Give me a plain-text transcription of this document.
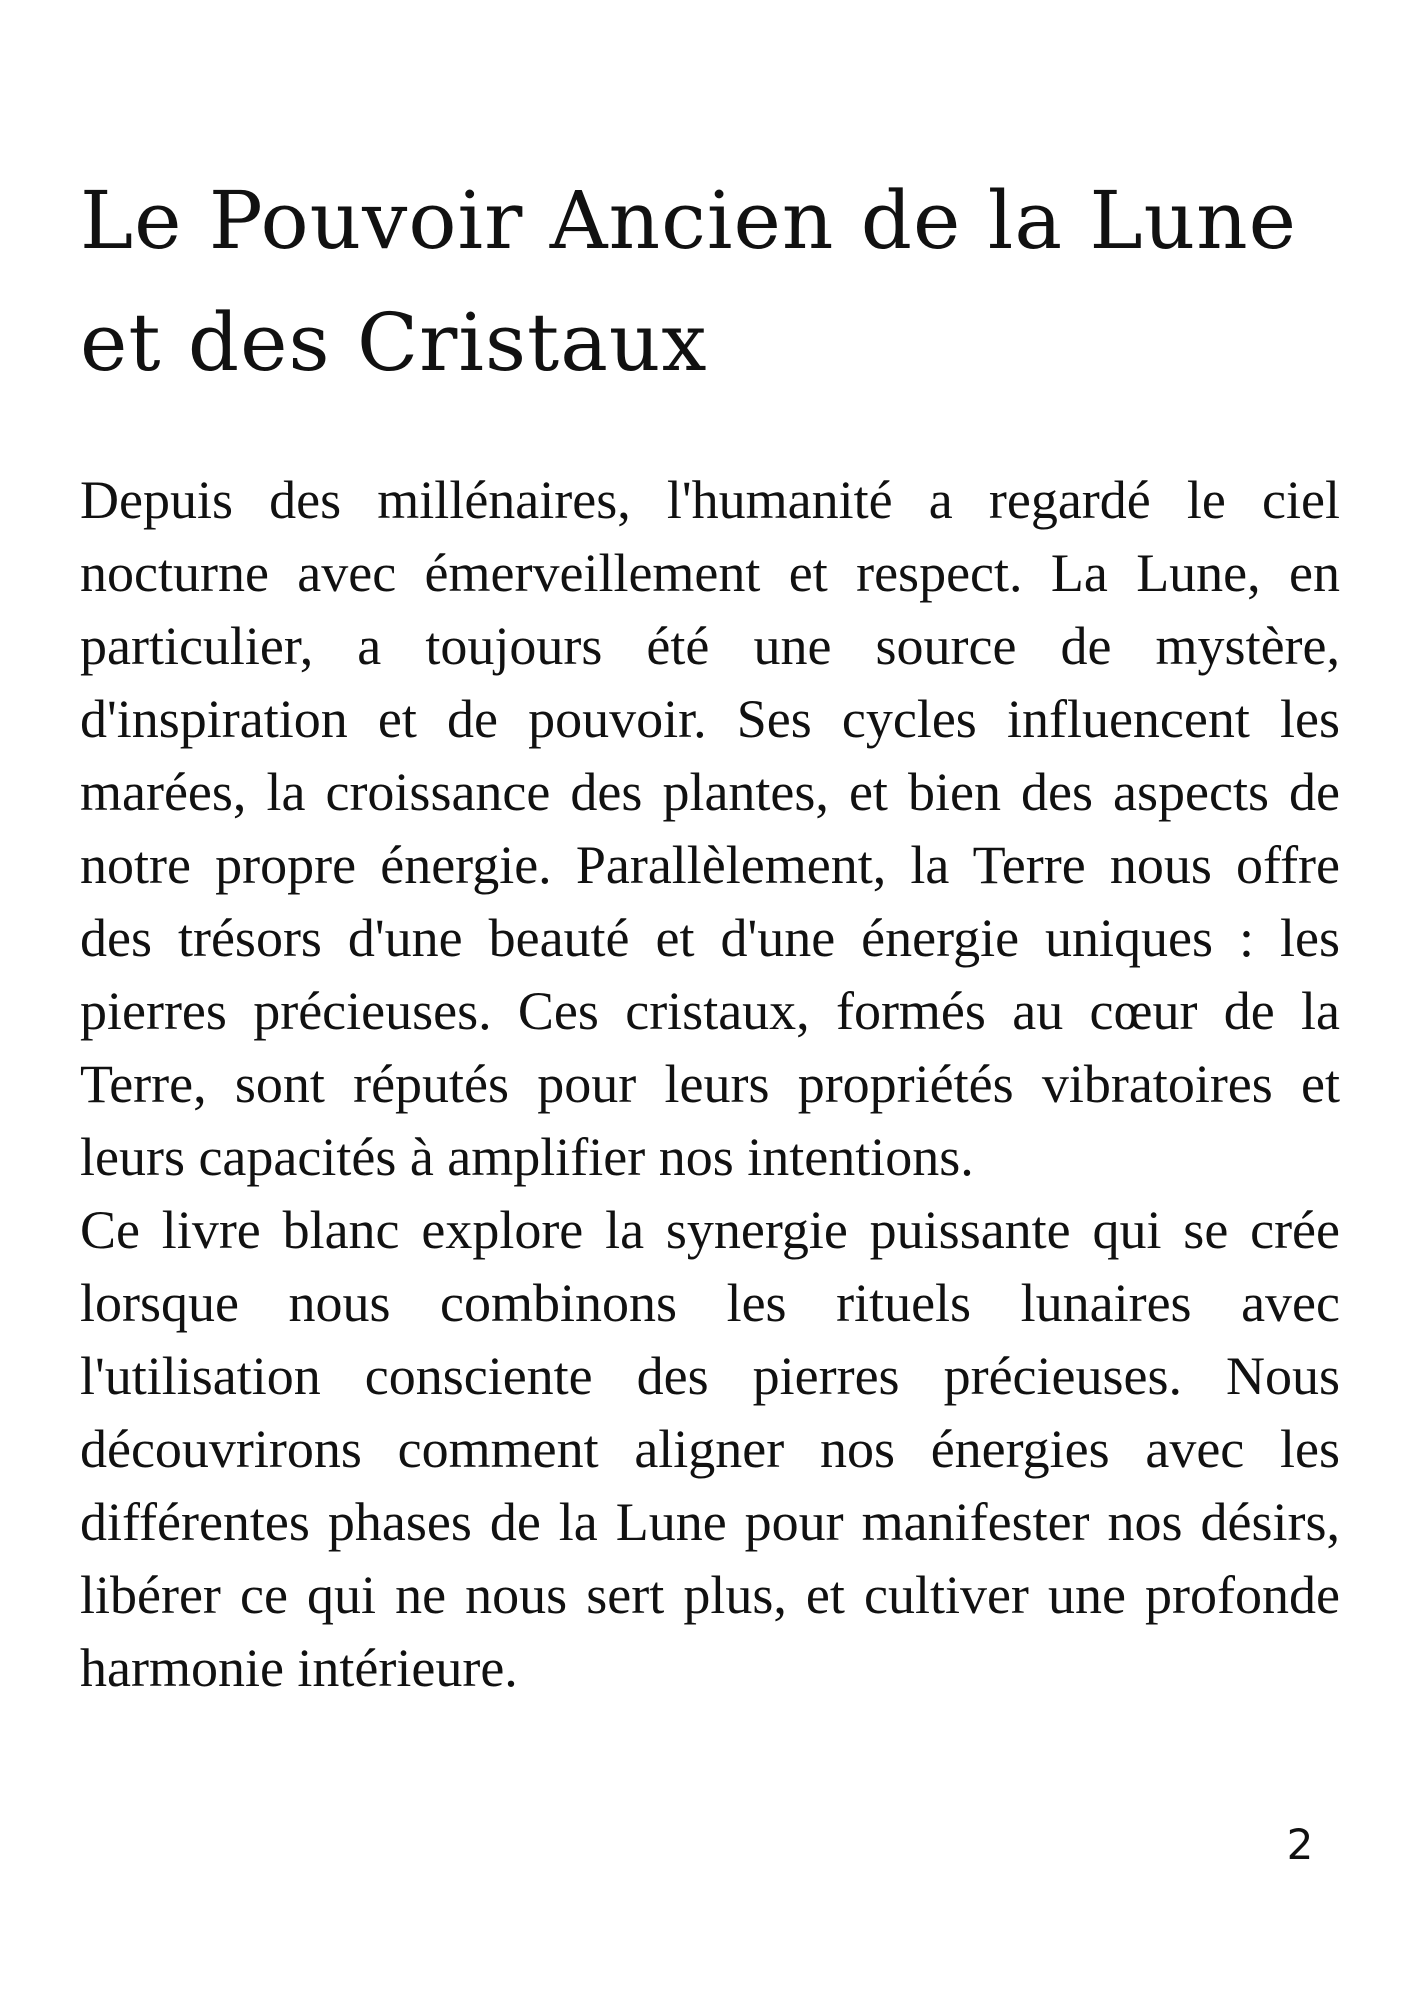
Le Pouvoir Ancien de la Lune et des Cristaux

Depuis des millénaires, l'humanité a regardé le ciel nocturne avec émerveillement et respect. La Lune, en particulier, a toujours été une source de mystère, d'inspiration et de pouvoir. Ses cycles influencent les marées, la croissance des plantes, et bien des aspects de notre propre énergie. Parallèlement, la Terre nous offre des trésors d'une beauté et d'une énergie uniques : les pierres précieuses. Ces cristaux, formés au cœur de la Terre, sont réputés pour leurs propriétés vibratoires et leurs capacités à amplifier nos intentions.

Ce livre blanc explore la synergie puissante qui se crée lorsque nous combinons les rituels lunaires avec l'utilisation consciente des pierres précieuses. Nous découvrirons comment aligner nos énergies avec les différentes phases de la Lune pour manifester nos désirs, libérer ce qui ne nous sert plus, et cultiver une profonde harmonie intérieure.

2
